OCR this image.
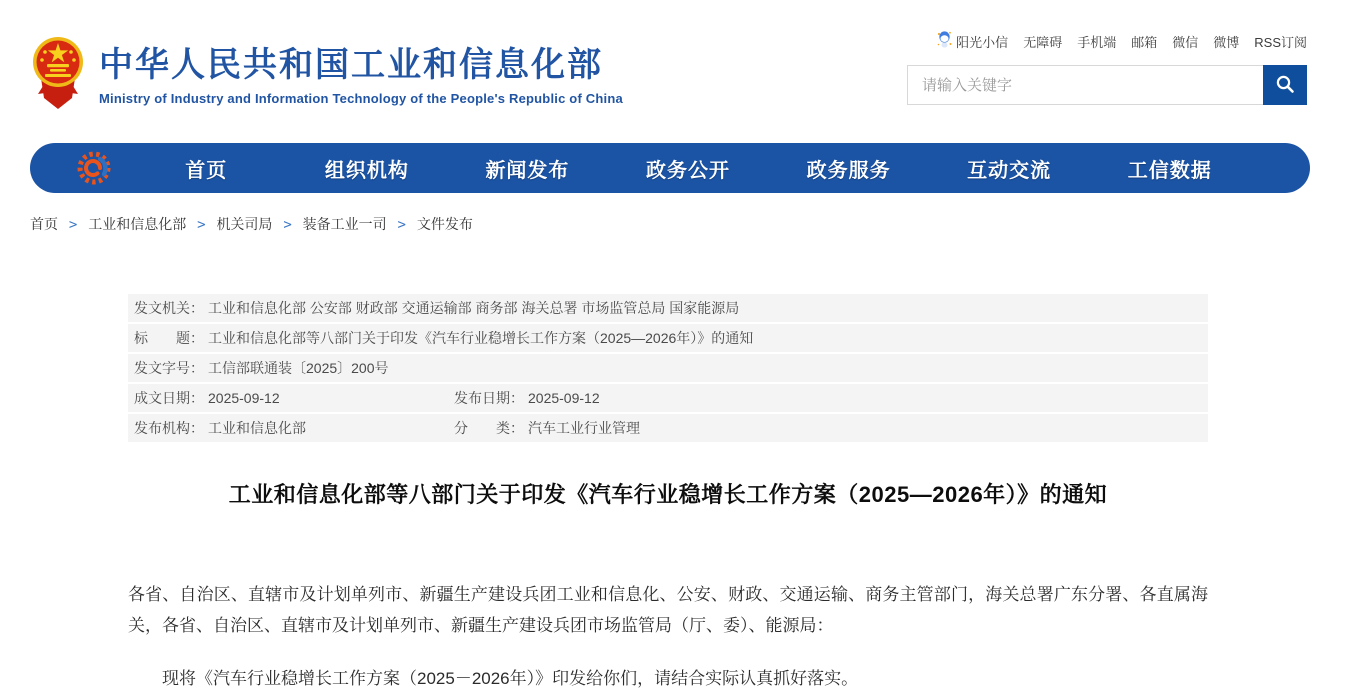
中华人民共和国工业和信息化部
Ministry of Industry and Information Technology of the People's Republic of China
阳光小信 无障碍 手机端 邮箱 微信 微博 RSS订阅
请输入关键字
首页	组织机构	新闻发布	政务公开	政务服务	互动交流	工信数据
首页 > 工业和信息化部 > 机关司局 > 装备工业一司 > 文件发布
发文机关： 工业和信息化部 公安部 财政部 交通运输部 商务部 海关总署 市场监管总局 国家能源局
标　　题： 工业和信息化部等八部门关于印发《汽车行业稳增长工作方案（2025—2026年）》的通知
发文字号： 工信部联通装〔2025〕200号
成文日期： 2025-09-12	发布日期： 2025-09-12
发布机构： 工业和信息化部	分　　类： 汽车工业行业管理
工业和信息化部等八部门关于印发《汽车行业稳增长工作方案（2025—2026年）》的通知

各省、自治区、直辖市及计划单列市、新疆生产建设兵团工业和信息化、公安、财政、交通运输、商务主管部门，海关总署广东分署、各直属海关，各省、自治区、直辖市及计划单列市、新疆生产建设兵团市场监管局（厅、委）、能源局：

现将《汽车行业稳增长工作方案（2025－2026年）》印发给你们，请结合实际认真抓好落实。
